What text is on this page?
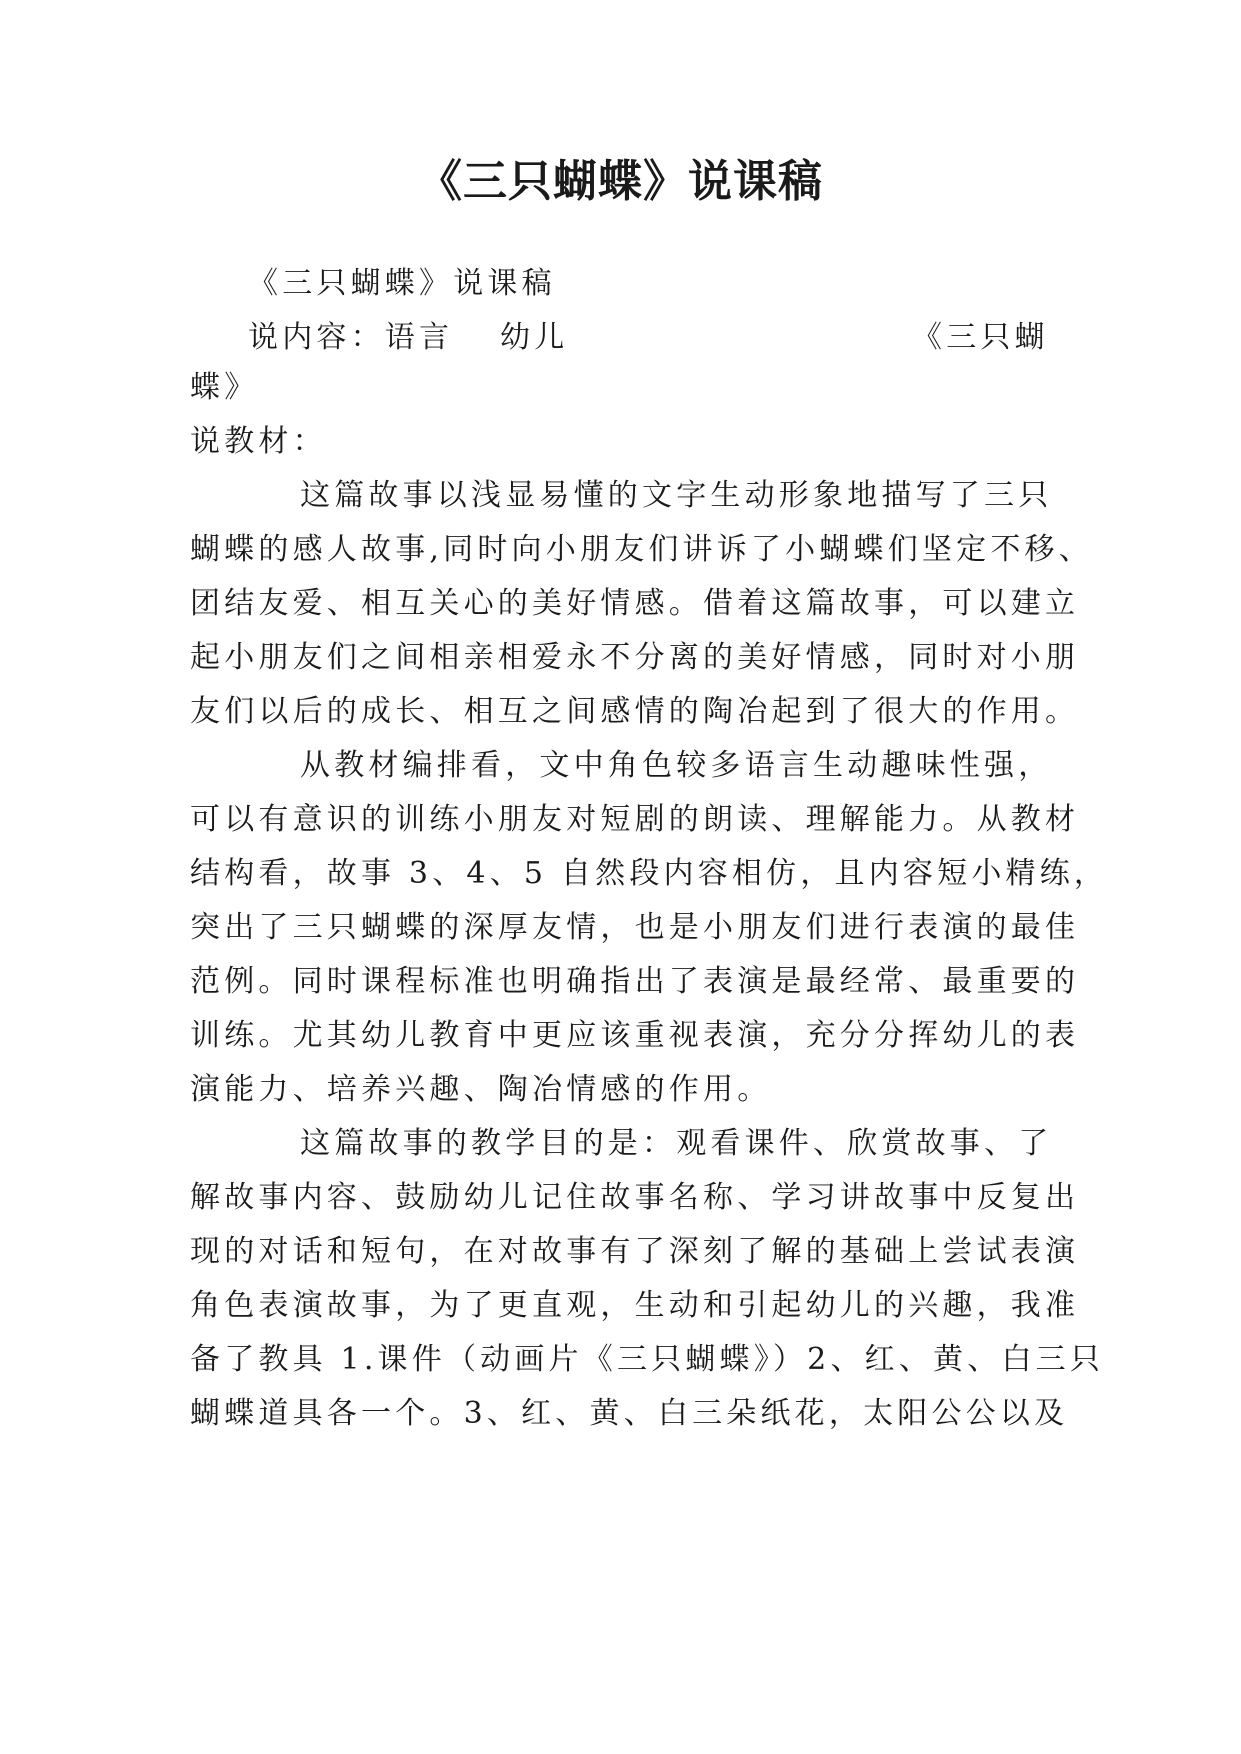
《三只蝴蝶》说课稿
《三只蝴蝶》说课稿
说内容：语言 幼儿	《三只蝴
蝶》
说教材：
这篇故事以浅显易懂的文字生动形象地描写了三只
蝴蝶的感人故事,同时向小朋友们讲诉了小蝴蝶们坚定不移、
团结友爱、相互关心的美好情感。借着这篇故事，可以建立
起小朋友们之间相亲相爱永不分离的美好情感，同时对小朋
友们以后的成长、相互之间感情的陶冶起到了很大的作用。
从教材编排看，文中角色较多语言生动趣味性强，
可以有意识的训练小朋友对短剧的朗读、理解能力。从教材
结构看，故事 3、4、5 自然段内容相仿，且内容短小精练，
突出了三只蝴蝶的深厚友情，也是小朋友们进行表演的最佳
范例。同时课程标准也明确指出了表演是最经常、最重要的
训练。尤其幼儿教育中更应该重视表演，充分分挥幼儿的表
演能力、培养兴趣、陶冶情感的作用。
这篇故事的教学目的是：观看课件、欣赏故事、了
解故事内容、鼓励幼儿记住故事名称、学习讲故事中反复出
现的对话和短句，在对故事有了深刻了解的基础上尝试表演
角色表演故事，为了更直观，生动和引起幼儿的兴趣，我准
备了教具 1.课件（动画片《三只蝴蝶》）2、红、黄、白三只
蝴蝶道具各一个。3、红、黄、白三朵纸花，太阳公公以及
